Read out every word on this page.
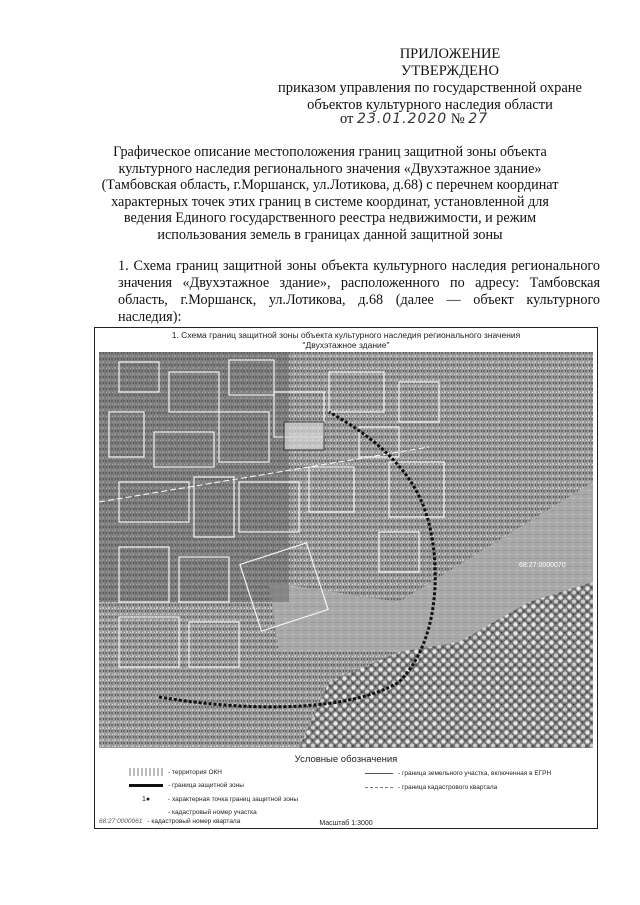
ПРИЛОЖЕНИЕ
УТВЕРЖДЕНО
приказом управления по государственной охране
объектов культурного наследия области
от 23.01.2020 № 27
Графическое описание местоположения границ защитной зоны объекта
культурного наследия регионального значения «Двухэтажное здание»
(Тамбовская область, г.Моршанск, ул.Лотикова, д.68) с перечнем координат
характерных точек этих границ в системе координат, установленной для
ведения Единого государственного реестра недвижимости, и режим
использования земель в границах данной защитной зоны
1. Схема границ защитной зоны объекта культурного наследия регионального значения «Двухэтажное здание», расположенного по адресу: Тамбовская область, г.Моршанск, ул.Лотикова, д.68 (далее — объект культурного наследия):
1. Схема границ защитной зоны объекта культурного наследия регионального значения
"Двухэтажное здание"
68:27:0000070
Условные обозначения
- территория ОКН
- граница защитной зоны
1●	- характерная точка границ защитной зоны
- кадастровый номер участка
68:27:0000061 - кадастровый номер квартала
- граница земельного участка, включенная в ЕГРН
- граница кадастрового квартала
Масштаб 1:3000
